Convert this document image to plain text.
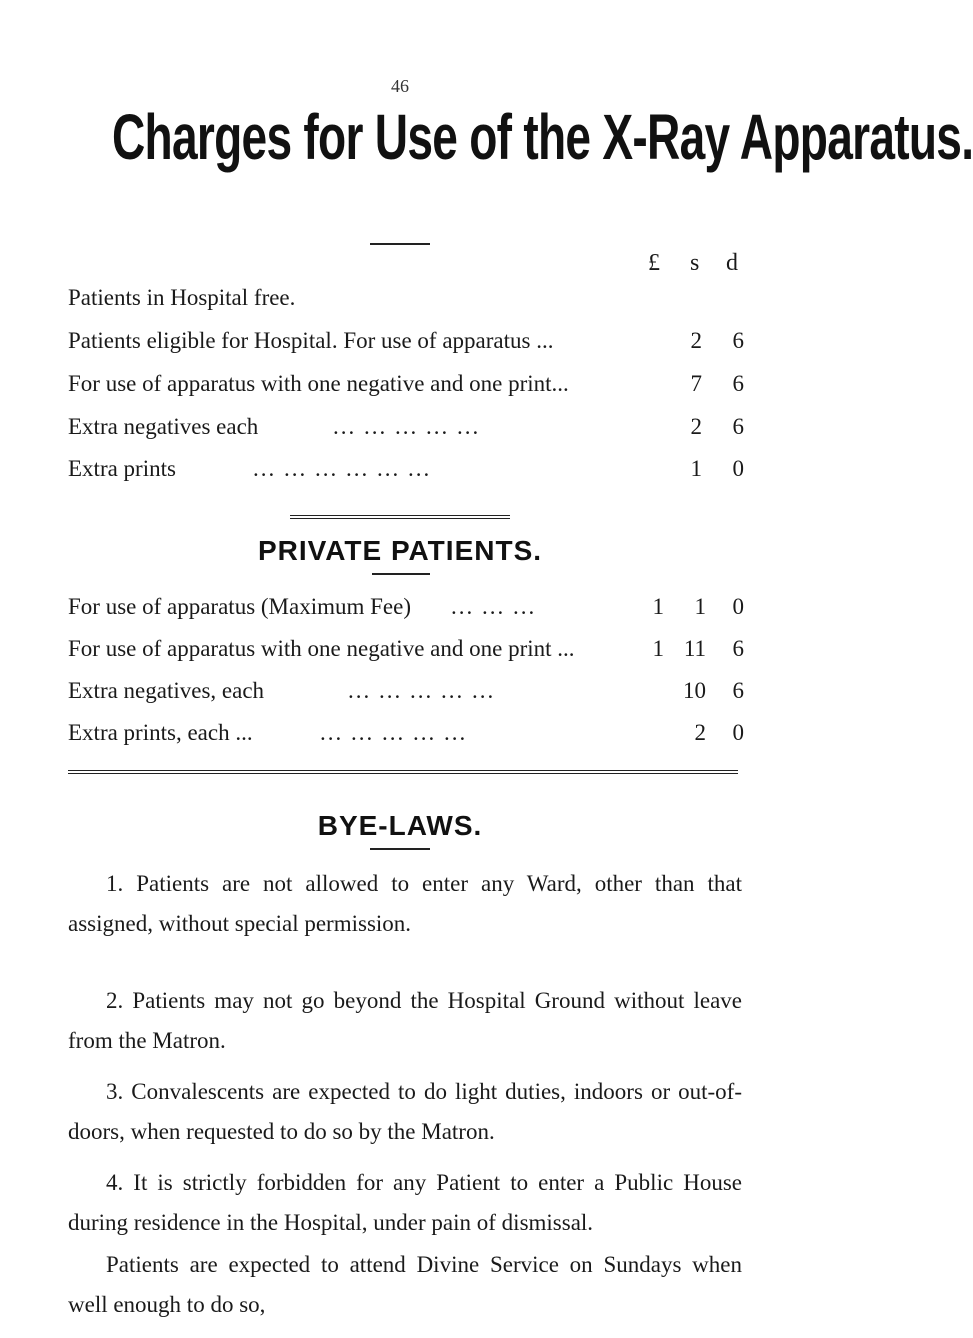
46
Charges for Use of the X-Ray Apparatus.
£ s d
Patients in Hospital free.
Patients eligible for Hospital. For use of apparatus ...	2	6
For use of apparatus with one negative and one print...	7	6
Extra negatives each	... ... ... ... ...	2	6
Extra prints	... ... ... ... ... ...	1	0
PRIVATE PATIENTS.
For use of apparatus (Maximum Fee) ... ... ...	1	1	0
For use of apparatus with one negative and one print ...	1 11	6
Extra negatives, each	... ... ... ... ...	10	6
Extra prints, each ...	... ... ... ... ...	2	0
BYE-LAWS.

1. Patients are not allowed to enter any Ward, other than that assigned, without special permission.

2. Patients may not go beyond the Hospital Ground without leave from the Matron.

3. Convalescents are expected to do light duties, indoors or out-of-doors, when requested to do so by the Matron.

4. It is strictly forbidden for any Patient to enter a Public House during residence in the Hospital, under pain of dismissal.

Patients are expected to attend Divine Service on Sundays when well enough to do so,
